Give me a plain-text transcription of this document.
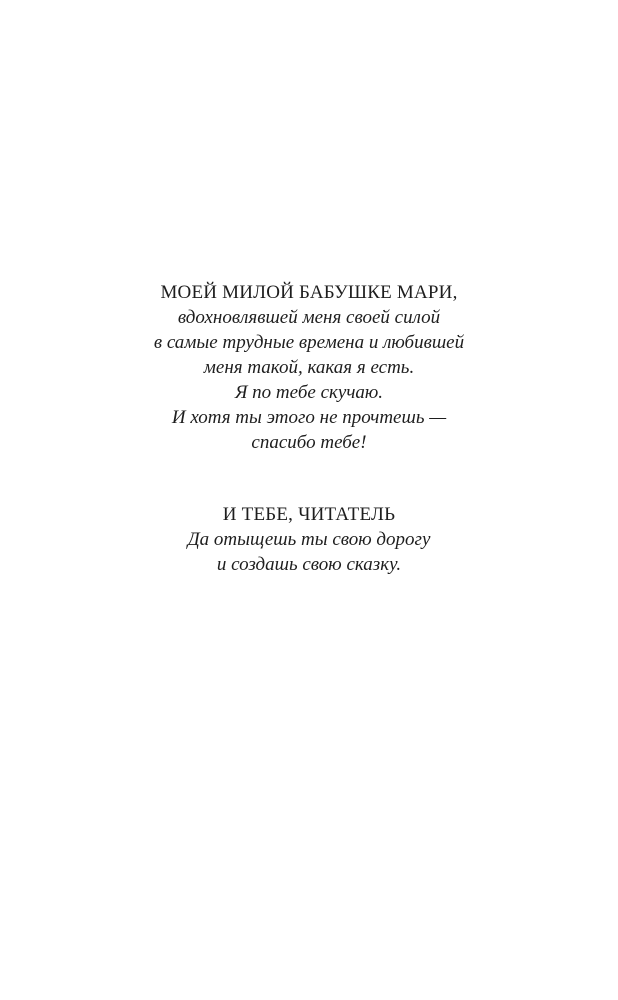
МОЕЙ МИЛОЙ БАБУШКЕ МАРИ,
вдохновлявшей меня своей силой
в самые трудные времена и любившей
меня такой, какая я есть.
Я по тебе скучаю.
И хотя ты этого не прочтешь —
спасибо тебе!
И ТЕБЕ, ЧИТАТЕЛЬ
Да отыщешь ты свою дорогу
и создашь свою сказку.
